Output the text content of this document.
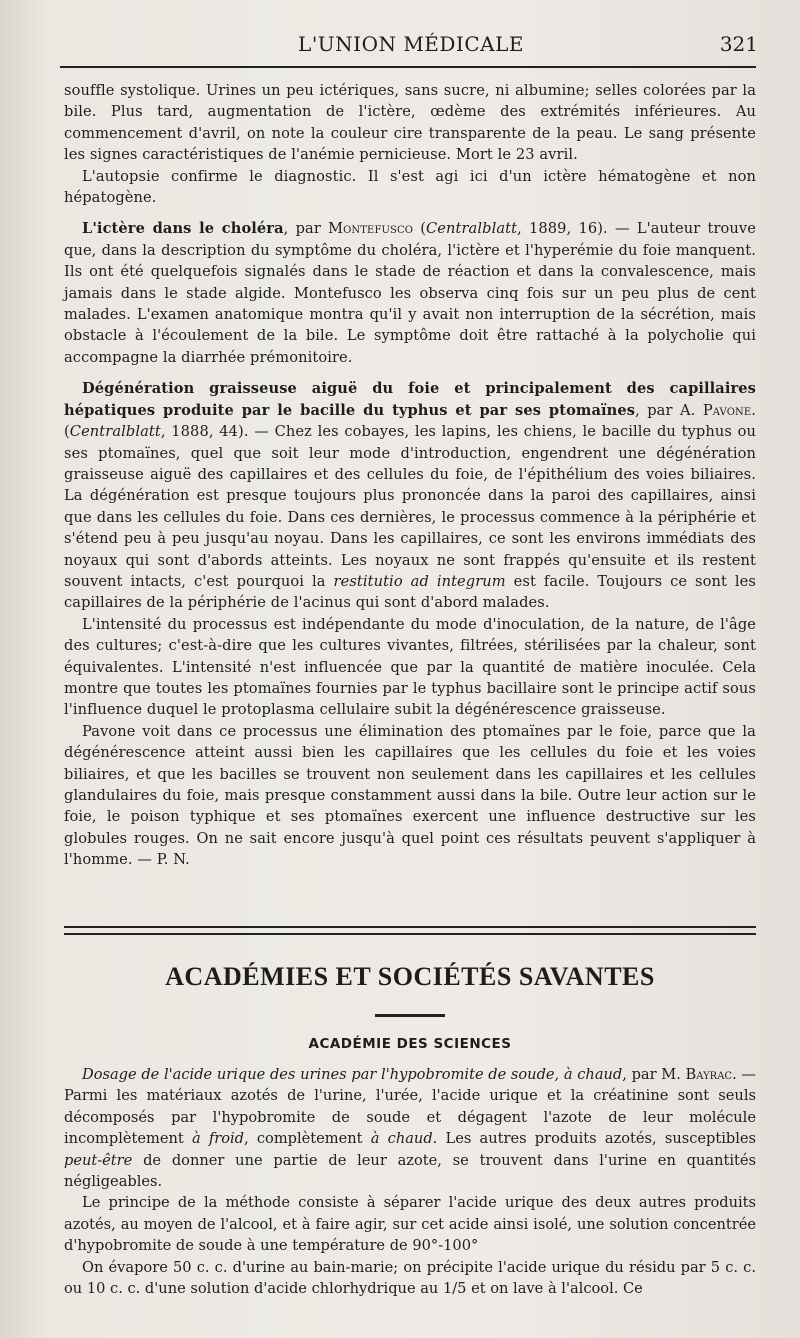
L'UNION MÉDICALE	321

souffle systolique. Urines un peu ictériques, sans sucre, ni albumine; selles colorées par la bile. Plus tard, augmentation de l'ictère, œdème des extrémités inférieures. Au commencement d'avril, on note la couleur cire transparente de la peau. Le sang présente les signes caractéristiques de l'anémie pernicieuse. Mort le 23 avril.

L'autopsie confirme le diagnostic. Il s'est agi ici d'un ictère hématogène et non hépatogène.

L'ictère dans le choléra, par Montefusco (Centralblatt, 1889, 16). — L'auteur trouve que, dans la description du symptôme du choléra, l'ictère et l'hyperémie du foie manquent. Ils ont été quelquefois signalés dans le stade de réaction et dans la convalescence, mais jamais dans le stade algide. Montefusco les observa cinq fois sur un peu plus de cent malades. L'examen anatomique montra qu'il y avait non interruption de la sécrétion, mais obstacle à l'écoulement de la bile. Le symptôme doit être rattaché à la polycholie qui accompagne la diarrhée prémonitoire.

Dégénération graisseuse aiguë du foie et principalement des capillaires hépatiques produite par le bacille du typhus et par ses ptomaïnes, par A. Pavone. (Centralblatt, 1888, 44). — Chez les cobayes, les lapins, les chiens, le bacille du typhus ou ses ptomaïnes, quel que soit leur mode d'introduction, engendrent une dégénération graisseuse aiguë des capillaires et des cellules du foie, de l'épithélium des voies biliaires. La dégénération est presque toujours plus prononcée dans la paroi des capillaires, ainsi que dans les cellules du foie. Dans ces dernières, le processus commence à la périphérie et s'étend peu à peu jusqu'au noyau. Dans les capillaires, ce sont les environs immédiats des noyaux qui sont d'abords atteints. Les noyaux ne sont frappés qu'ensuite et ils restent souvent intacts, c'est pourquoi la restitutio ad integrum est facile. Toujours ce sont les capillaires de la périphérie de l'acinus qui sont d'abord malades.

L'intensité du processus est indépendante du mode d'inoculation, de la nature, de l'âge des cultures; c'est-à-dire que les cultures vivantes, filtrées, stérilisées par la chaleur, sont équivalentes. L'intensité n'est influencée que par la quantité de matière inoculée. Cela montre que toutes les ptomaïnes fournies par le typhus bacillaire sont le principe actif sous l'influence duquel le protoplasma cellulaire subit la dégénérescence graisseuse.

Pavone voit dans ce processus une élimination des ptomaïnes par le foie, parce que la dégénérescence atteint aussi bien les capillaires que les cellules du foie et les voies biliaires, et que les bacilles se trouvent non seulement dans les capillaires et les cellules glandulaires du foie, mais presque constamment aussi dans la bile. Outre leur action sur le foie, le poison typhique et ses ptomaïnes exercent une influence destructive sur les globules rouges. On ne sait encore jusqu'à quel point ces résultats peuvent s'appliquer à l'homme. — P. N.

ACADÉMIES ET SOCIÉTÉS SAVANTES
ACADÉMIE DES SCIENCES

Dosage de l'acide urique des urines par l'hypobromite de soude, à chaud, par M. Bayrac. — Parmi les matériaux azotés de l'urine, l'urée, l'acide urique et la créatinine sont seuls décomposés par l'hypobromite de soude et dégagent l'azote de leur molécule incomplètement à froid, complètement à chaud. Les autres produits azotés, susceptibles peut-être de donner une partie de leur azote, se trouvent dans l'urine en quantités négligeables.

Le principe de la méthode consiste à séparer l'acide urique des deux autres produits azotés, au moyen de l'alcool, et à faire agir, sur cet acide ainsi isolé, une solution concentrée d'hypobromite de soude à une température de 90°-100°

On évapore 50 c. c. d'urine au bain-marie; on précipite l'acide urique du résidu par 5 c. c. ou 10 c. c. d'une solution d'acide chlorhydrique au 1/5 et on lave à l'alcool. Ce
